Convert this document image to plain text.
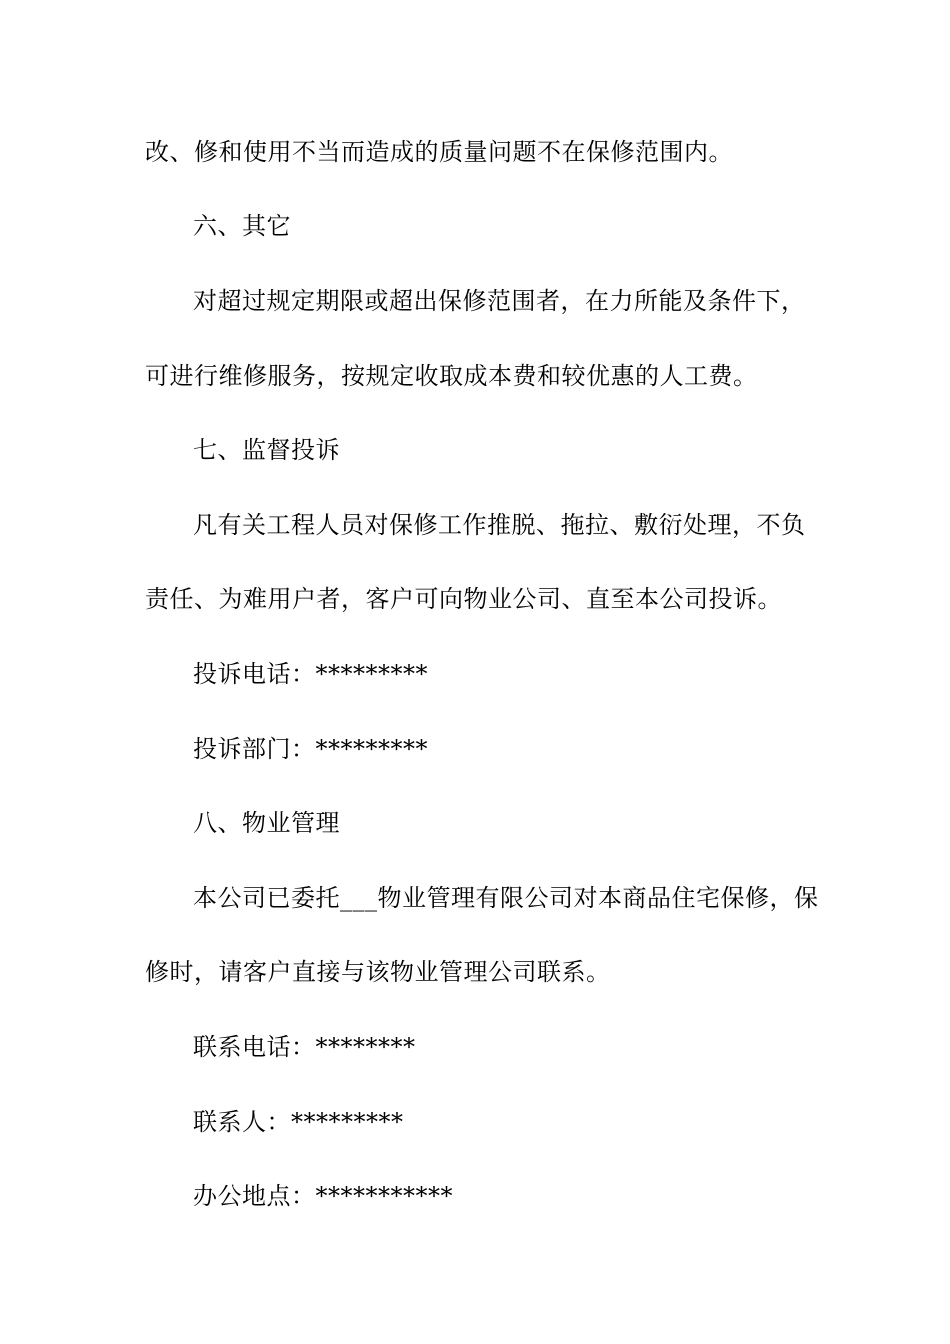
改、修和使用不当而造成的质量问题不在保修范围内。
六、其它
对超过规定期限或超出保修范围者，在力所能及条件下，
可进行维修服务，按规定收取成本费和较优惠的人工费。
七、监督投诉
凡有关工程人员对保修工作推脱、拖拉、敷衍处理，不负
责任、为难用户者，客户可向物业公司、直至本公司投诉。
投诉电话：*********
投诉部门：*********
八、物业管理
本公司已委托___物业管理有限公司对本商品住宅保修，保
修时，请客户直接与该物业管理公司联系。
联系电话：********
联系人：*********
办公地点：***********
